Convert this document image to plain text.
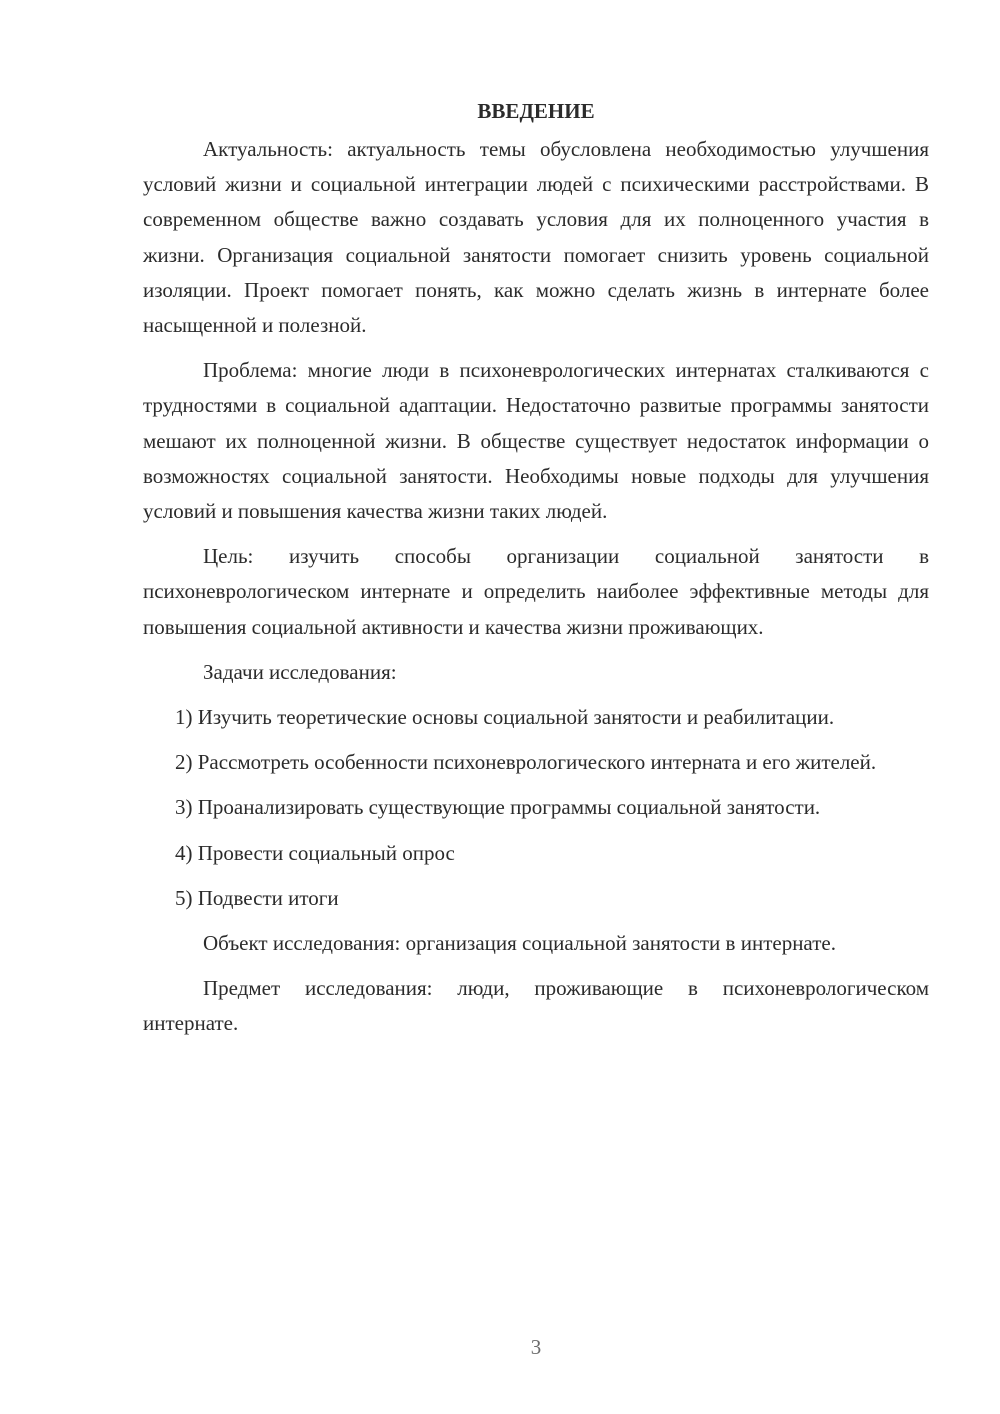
ВВЕДЕНИЕ

Актуальность: актуальность темы обусловлена необходимостью улучшения условий жизни и социальной интеграции людей с психическими расстройствами. В современном обществе важно создавать условия для их полноценного участия в жизни. Организация социальной занятости помогает снизить уровень социальной изоляции. Проект помогает понять, как можно сделать жизнь в интернате более насыщенной и полезной.

Проблема: многие люди в психоневрологических интернатах сталкиваются с трудностями в социальной адаптации. Недостаточно развитые программы занятости мешают их полноценной жизни. В обществе существует недостаток информации о возможностях социальной занятости. Необходимы новые подходы для улучшения условий и повышения качества жизни таких людей.

Цель: изучить способы организации социальной занятости в психоневрологическом интернате и определить наиболее эффективные методы для повышения социальной активности и качества жизни проживающих.

Задачи исследования:

1) Изучить теоретические основы социальной занятости и реабилитации.

2) Рассмотреть особенности психоневрологического интерната и его жителей.

3) Проанализировать существующие программы социальной занятости.

4) Провести социальный опрос

5) Подвести итоги

Объект исследования: организация социальной занятости в интернате.

Предмет исследования: люди, проживающие в психоневрологическом интернате.

3
